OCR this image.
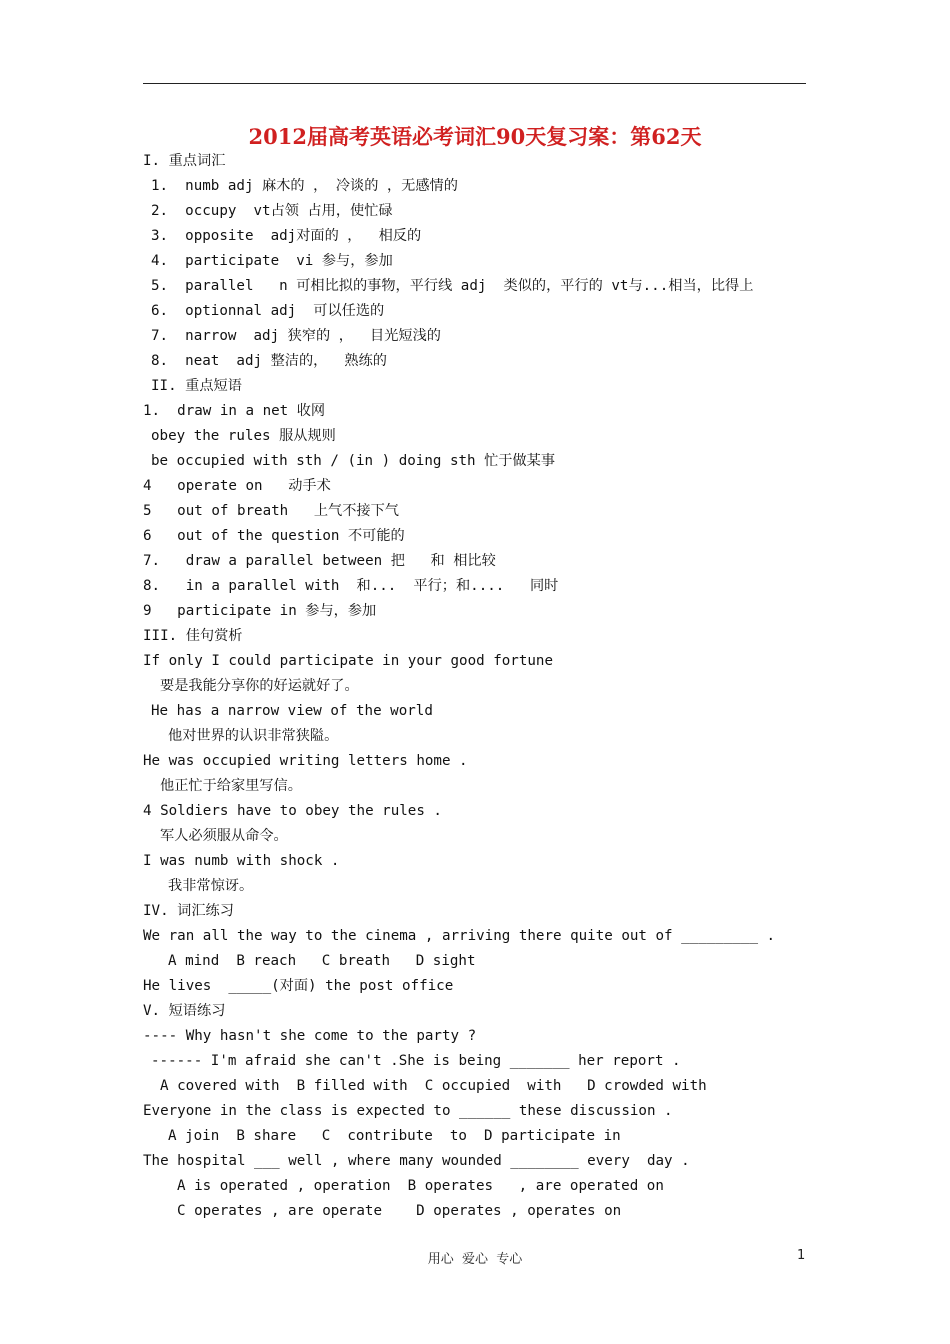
2012届高考英语必考词汇90天复习案：第62天
I. 重点词汇
1.  numb adj 麻木的 ， 冷谈的 ，无感情的
2.  occupy  vt占领 占用，使忙碌
3.  opposite  adj对面的 ，  相反的
4.  participate  vi 参与，参加
5.  parallel   n 可相比拟的事物，平行线 adj  类似的，平行的 vt与...相当，比得上
6.  optionnal adj  可以任选的
7.  narrow  adj 狭窄的 ，  目光短浅的
8.  neat  adj 整洁的，  熟练的
II. 重点短语
1.  draw in a net 收网
obey the rules 服从规则
be occupied with sth / (in ) doing sth 忙于做某事
4   operate on   动手术
5   out of breath   上气不接下气
6   out of the question 不可能的
7.   draw a parallel between 把   和 相比较
8.   in a parallel with  和...  平行；和....   同时
9   participate in 参与，参加
III. 佳句赏析
If only I could participate in your good fortune
要是我能分享你的好运就好了。
He has a narrow view of the world
他对世界的认识非常狭隘。
He was occupied writing letters home .
他正忙于给家里写信。
4 Soldiers have to obey the rules .
军人必须服从命令。
I was numb with shock .
我非常惊讶。
IV. 词汇练习
We ran all the way to the cinema , arriving there quite out of _________ .
A mind  B reach   C breath   D sight
He lives  _____(对面) the post office
V. 短语练习
---- Why hasn't she come to the party ?
------ I'm afraid she can't .She is being _______ her report .
A covered with  B filled with  C occupied  with   D crowded with
Everyone in the class is expected to ______ these discussion .
A join  B share   C  contribute  to  D participate in
The hospital ___ well , where many wounded ________ every  day .
A is operated , operation  B operates   , are operated on
C operates , are operate    D operates , operates on
用心  爱心  专心	1
